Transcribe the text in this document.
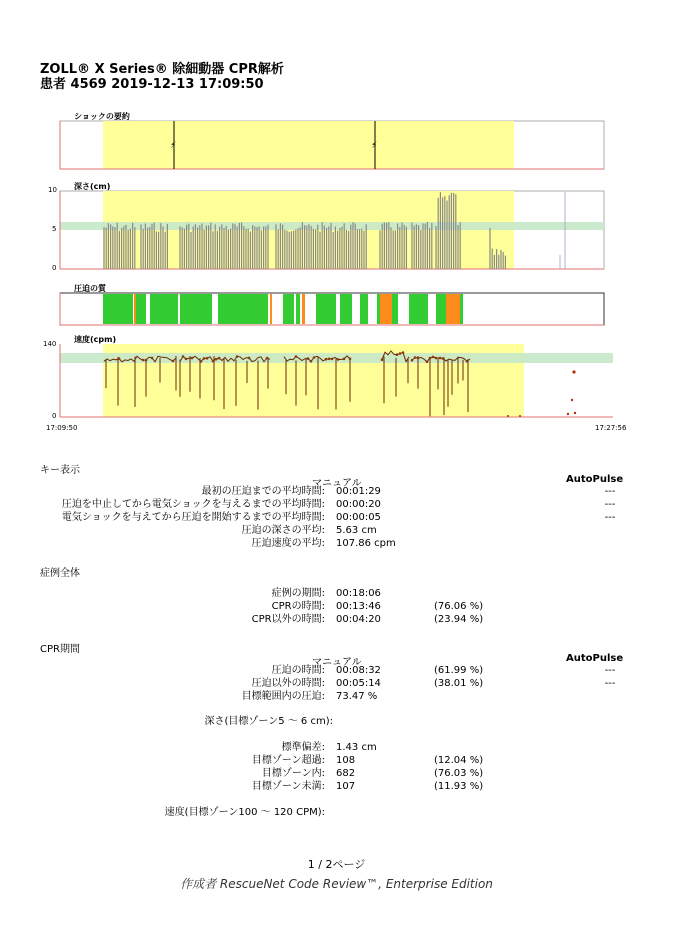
ZOLL® X Series® 除細動器 CPR解析
患者 4569 2019-12-13 17:09:50
⚡	⚡
ショックの要約
深さ(cm)
10
5
0
圧迫の質
速度(cpm)
140
0
17:09:50	17:27:56
キー表示
マニュアル	AutoPulse
最初の圧迫までの平均時間: 00:01:29	---
圧迫を中止してから電気ショックを与えるまでの平均時間: 00:00:20	---
電気ショックを与えてから圧迫を開始するまでの平均時間: 00:00:05	---
圧迫の深さの平均: 5.63 cm
圧迫速度の平均: 107.86 cpm
症例全体
症例の期間: 00:18:06
CPRの時間: 00:13:46	(76.06 %)
CPR以外の時間: 00:04:20	(23.94 %)
CPR期間
マニュアル	AutoPulse
圧迫の時間: 00:08:32	(61.99 %)	---
圧迫以外の時間: 00:05:14	(38.01 %)	---
目標範囲内の圧迫: 73.47 %
深さ(目標ゾーン5 ～ 6 cm):
標準偏差: 1.43 cm
目標ゾーン超過: 108	(12.04 %)
目標ゾーン内: 682	(76.03 %)
目標ゾーン未満: 107	(11.93 %)
速度(目標ゾーン100 ～ 120 CPM):
1 / 2ページ
作成者 RescueNet Code Review™, Enterprise Edition
